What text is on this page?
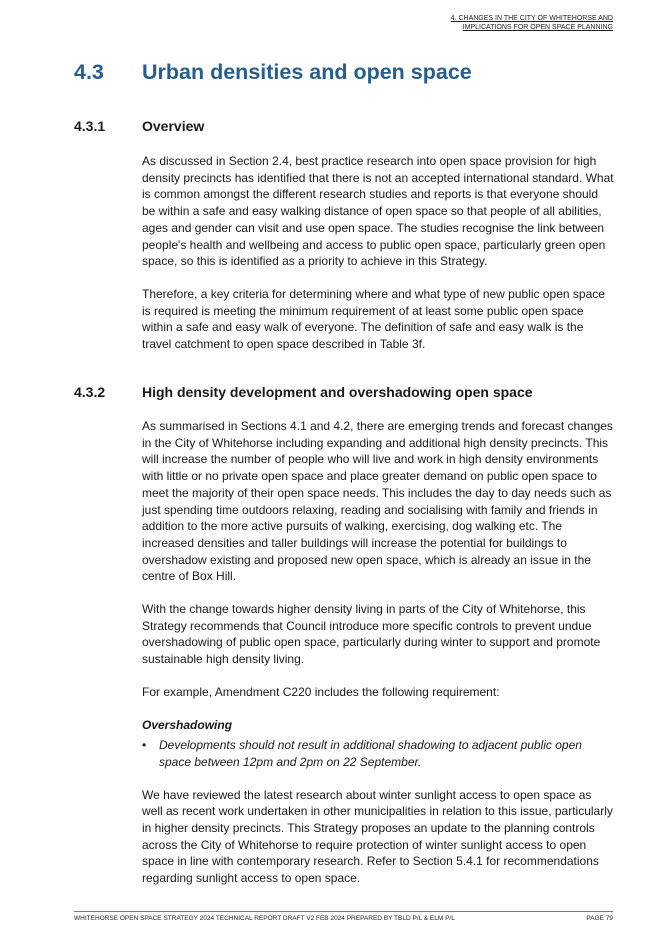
4. CHANGES IN THE CITY OF WHITEHORSE AND
IMPLICATIONS FOR OPEN SPACE PLANNING
4.3 Urban densities and open space
4.3.1	Overview

As discussed in Section 2.4, best practice research into open space provision for high density precincts has identified that there is not an accepted international standard. What is common amongst the different research studies and reports is that everyone should be within a safe and easy walking distance of open space so that people of all abilities, ages and gender can visit and use open space. The studies recognise the link between people's health and wellbeing and access to public open space, particularly green open space, so this is identified as a priority to achieve in this Strategy.

Therefore, a key criteria for determining where and what type of new public open space is required is meeting the minimum requirement of at least some public open space within a safe and easy walk of everyone. The definition of safe and easy walk is the travel catchment to open space described in Table 3f.

4.3.2	High density development and overshadowing open space

As summarised in Sections 4.1 and 4.2, there are emerging trends and forecast changes in the City of Whitehorse including expanding and additional high density precincts. This will increase the number of people who will live and work in high density environments with little or no private open space and place greater demand on public open space to meet the majority of their open space needs. This includes the day to day needs such as just spending time outdoors relaxing, reading and socialising with family and friends in addition to the more active pursuits of walking, exercising, dog walking etc. The increased densities and taller buildings will increase the potential for buildings to overshadow existing and proposed new open space, which is already an issue in the centre of Box Hill.

With the change towards higher density living in parts of the City of Whitehorse, this Strategy recommends that Council introduce more specific controls to prevent undue overshadowing of public open space, particularly during winter to support and promote sustainable high density living.

For example, Amendment C220 includes the following requirement:

Overshadowing

• Developments should not result in additional shadowing to adjacent public open space between 12pm and 2pm on 22 September.

We have reviewed the latest research about winter sunlight access to open space as well as recent work undertaken in other municipalities in relation to this issue, particularly in higher density precincts. This Strategy proposes an update to the planning controls across the City of Whitehorse to require protection of winter sunlight access to open space in line with contemporary research. Refer to Section 5.4.1 for recommendations regarding sunlight access to open space.

WHITEHORSE OPEN SPACE STRATEGY 2024 TECHNICAL REPORT DRAFT V2 FEB 2024 PREPARED BY TBLD P/L & ELM P/L	PAGE 79
